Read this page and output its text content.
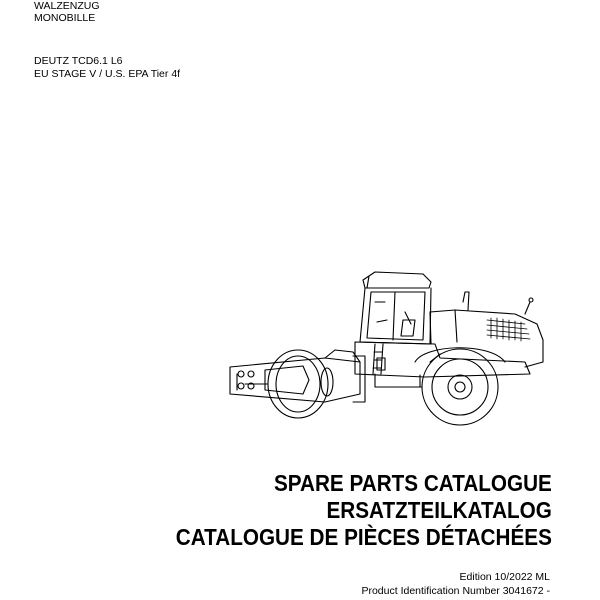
WALZENZUG
MONOBILLE
DEUTZ TCD6.1 L6
EU STAGE V / U.S. EPA Tier 4f
SPARE PARTS CATALOGUE
ERSATZTEILKATALOG
CATALOGUE DE PIÈCES DÉTACHÉES
Edition 10/2022 ML
Product Identification Number 3041672 -
